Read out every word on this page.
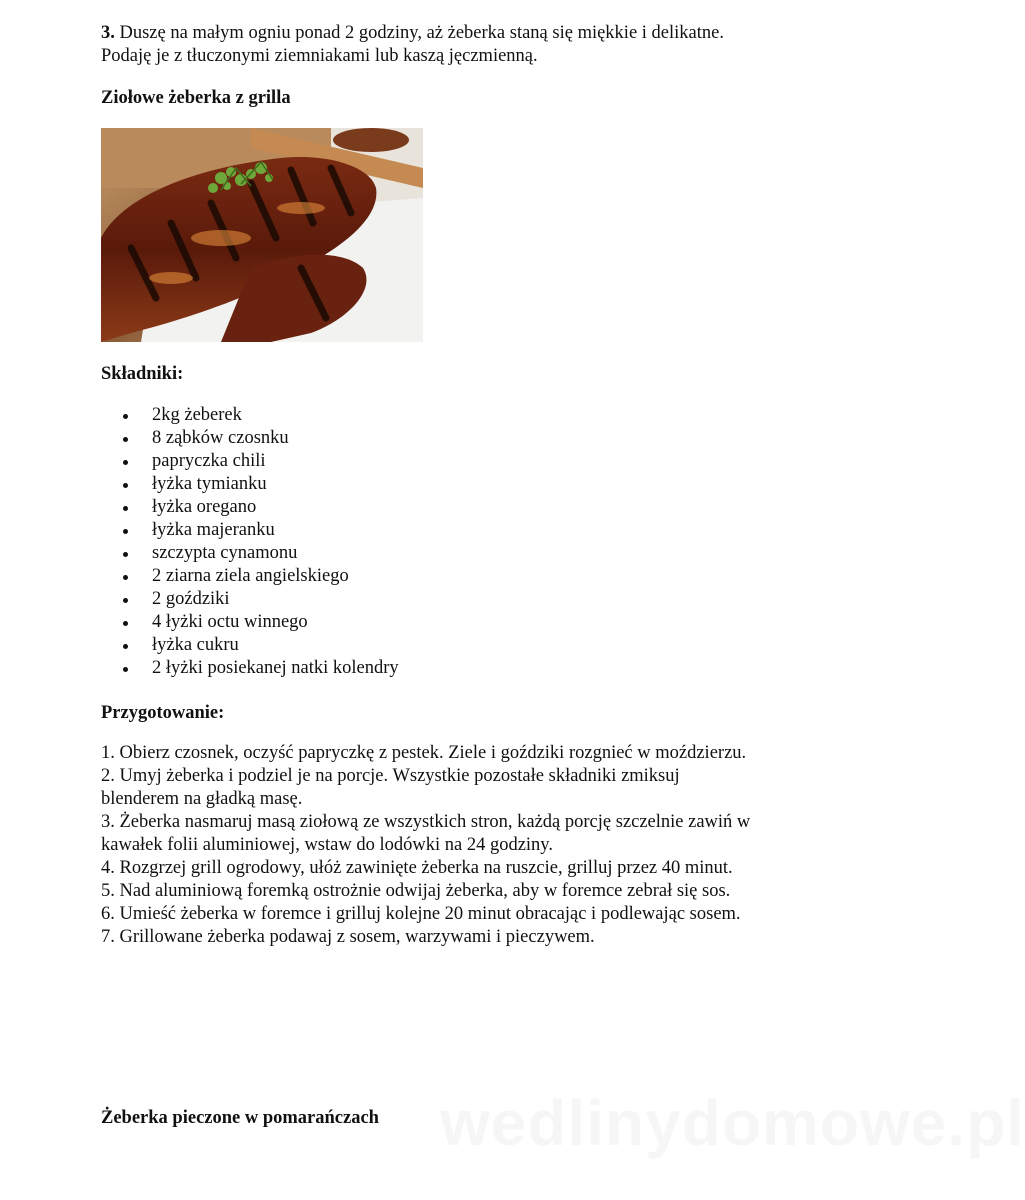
3. Duszę na małym ogniu ponad 2 godziny, aż żeberka staną się miękkie i delikatne. Podaję je z tłuczonymi ziemniakami lub kaszą jęczmienną.
Ziołowe żeberka z grilla
Składniki:
2kg żeberek
8 ząbków czosnku
papryczka chili
łyżka tymianku
łyżka oregano
łyżka majeranku
szczypta cynamonu
2 ziarna ziela angielskiego
2 goździki
4 łyżki octu winnego
łyżka cukru
2 łyżki posiekanej natki kolendry
Przygotowanie:
1. Obierz czosnek, oczyść papryczkę z pestek. Ziele i goździki rozgnieć w moździerzu.
2. Umyj żeberka i podziel je na porcje. Wszystkie pozostałe składniki zmiksuj blenderem na gładką masę.
3. Żeberka nasmaruj masą ziołową ze wszystkich stron, każdą porcję szczelnie zawiń w kawałek folii aluminiowej, wstaw do lodówki na 24 godziny.
4. Rozgrzej grill ogrodowy, ułóż zawinięte żeberka na ruszcie, grilluj przez 40 minut.
5. Nad aluminiową foremką ostrożnie odwijaj żeberka, aby w foremce zebrał się sos.
6. Umieść żeberka w foremce i grilluj kolejne 20 minut obracając i podlewając sosem.
7. Grillowane żeberka podawaj z sosem, warzywami i pieczywem.
wedlinydomowe.pl
Żeberka pieczone w pomarańczach
